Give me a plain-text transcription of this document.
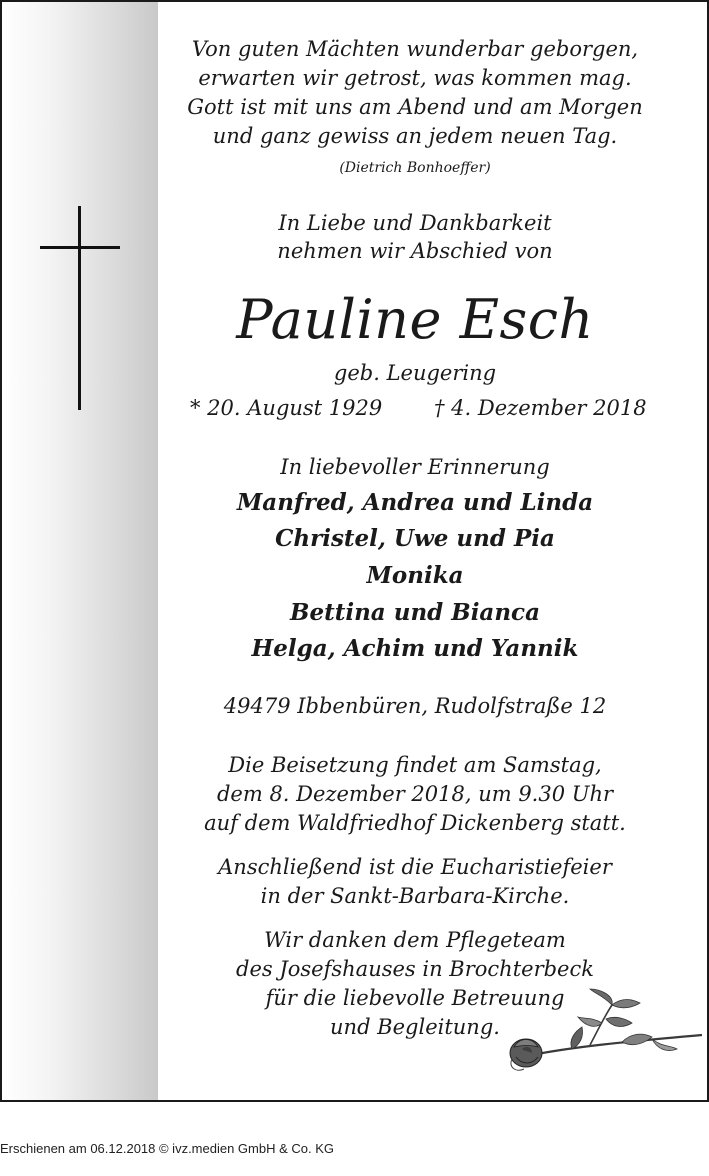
Von guten Mächten wunderbar geborgen,
erwarten wir getrost, was kommen mag.
Gott ist mit uns am Abend und am Morgen
und ganz gewiss an jedem neuen Tag.
(Dietrich Bonhoeffer)
In Liebe und Dankbarkeit
nehmen wir Abschied von
Pauline Esch
geb. Leugering
* 20. August 1929 † 4. Dezember 2018
In liebevoller Erinnerung
Manfred, Andrea und Linda
Christel, Uwe und Pia
Monika
Bettina und Bianca
Helga, Achim und Yannik
49479 Ibbenbüren, Rudolfstraße 12
Die Beisetzung findet am Samstag,
dem 8. Dezember 2018, um 9.30 Uhr
auf dem Waldfriedhof Dickenberg statt.
Anschließend ist die Eucharistiefeier
in der Sankt-Barbara-Kirche.
Wir danken dem Pflegeteam
des Josefshauses in Brochterbeck
für die liebevolle Betreuung
und Begleitung.
Erschienen am 06.12.2018 © ivz.medien GmbH & Co. KG
